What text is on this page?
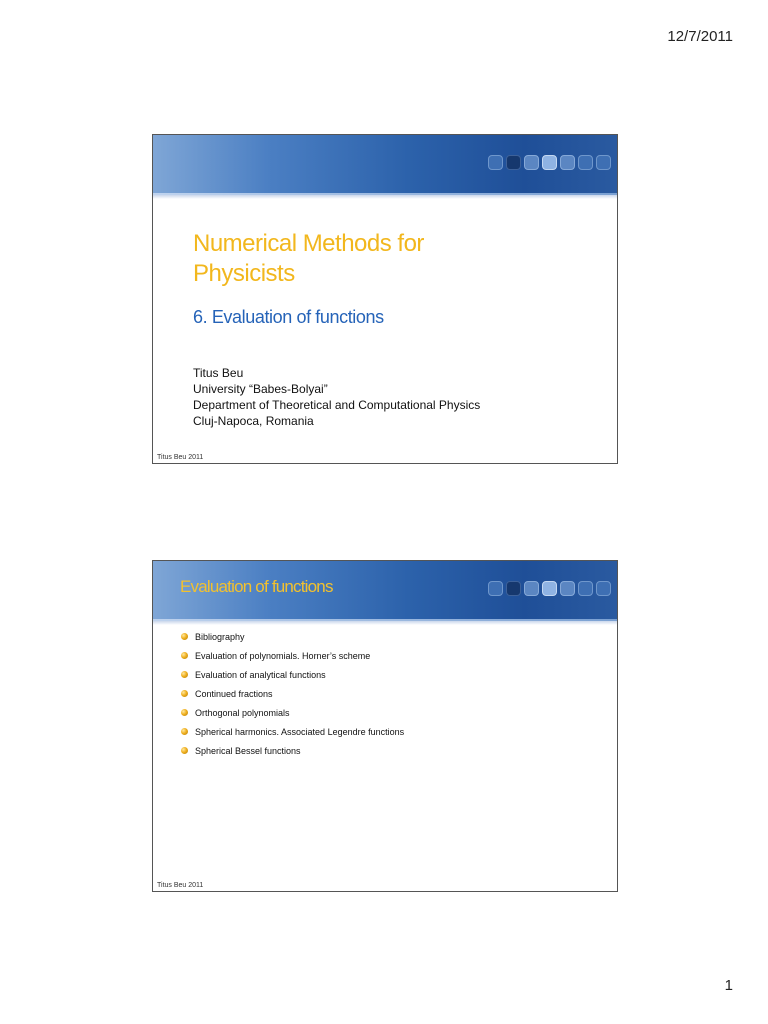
12/7/2011
Numerical Methods for
Physicists
6. Evaluation of functions
Titus Beu
University “Babes-Bolyai”
Department of Theoretical and Computational Physics
Cluj-Napoca, Romania
Titus Beu 2011
Evaluation of functions
Bibliography
Evaluation of polynomials. Horner’s scheme
Evaluation of analytical functions
Continued fractions
Orthogonal polynomials
Spherical harmonics. Associated Legendre functions
Spherical Bessel functions
Titus Beu 2011
1
